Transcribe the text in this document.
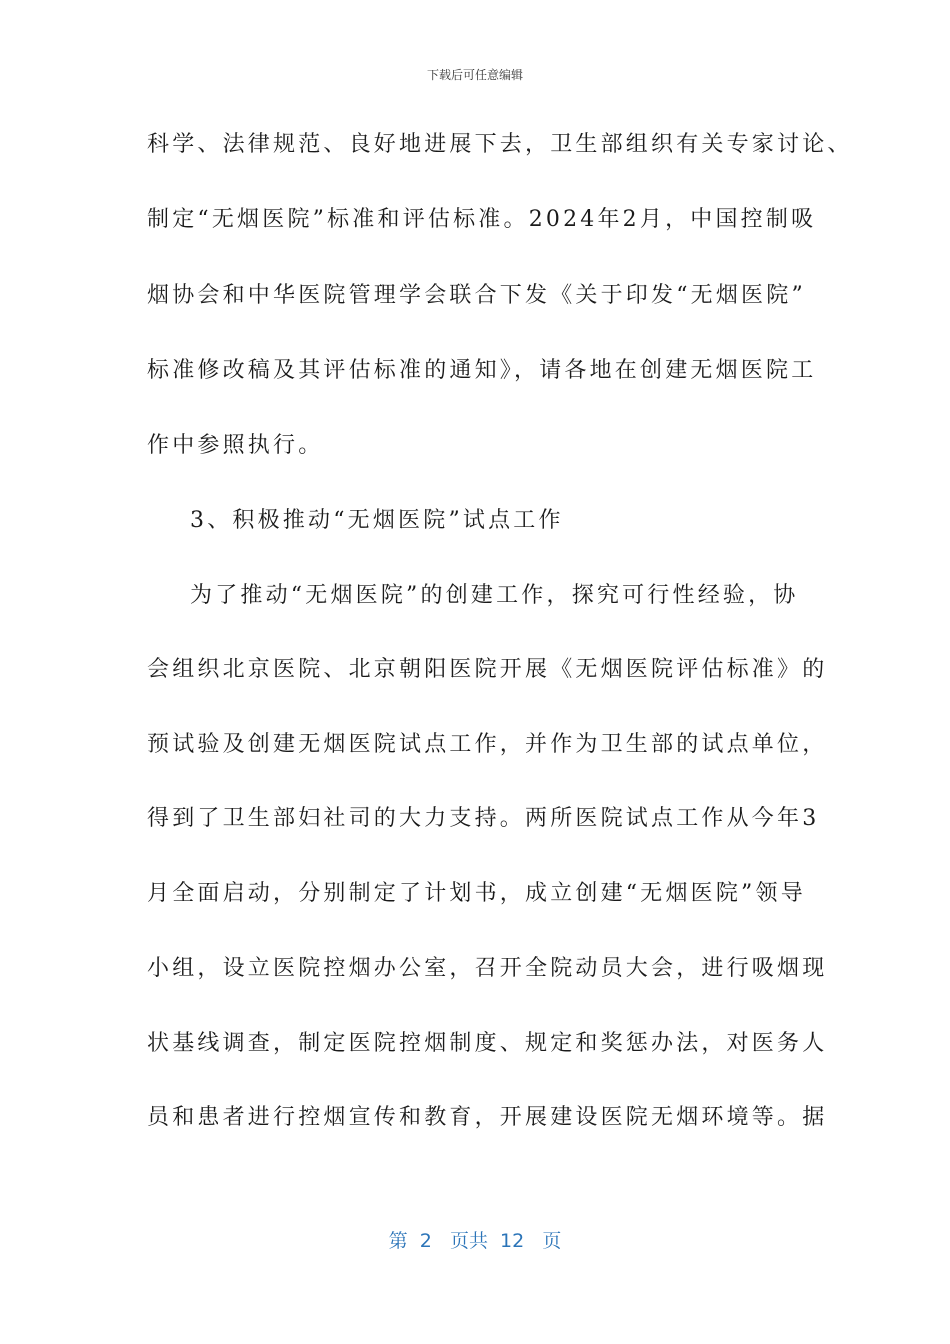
下载后可任意编辑
科学、法律规范、良好地进展下去，卫生部组织有关专家讨论、
制定“无烟医院”标准和评估标准。2024年2月，中国控制吸
烟协会和中华医院管理学会联合下发《关于印发“无烟医院”
标准修改稿及其评估标准的通知》，请各地在创建无烟医院工
作中参照执行。
3、积极推动“无烟医院”试点工作
为了推动“无烟医院”的创建工作，探究可行性经验，协
会组织北京医院、北京朝阳医院开展《无烟医院评估标准》的
预试验及创建无烟医院试点工作，并作为卫生部的试点单位，
得到了卫生部妇社司的大力支持。两所医院试点工作从今年3
月全面启动，分别制定了计划书，成立创建“无烟医院”领导
小组，设立医院控烟办公室，召开全院动员大会，进行吸烟现
状基线调查，制定医院控烟制度、规定和奖惩办法，对医务人
员和患者进行控烟宣传和教育，开展建设医院无烟环境等。据
第  2   页共  12   页
